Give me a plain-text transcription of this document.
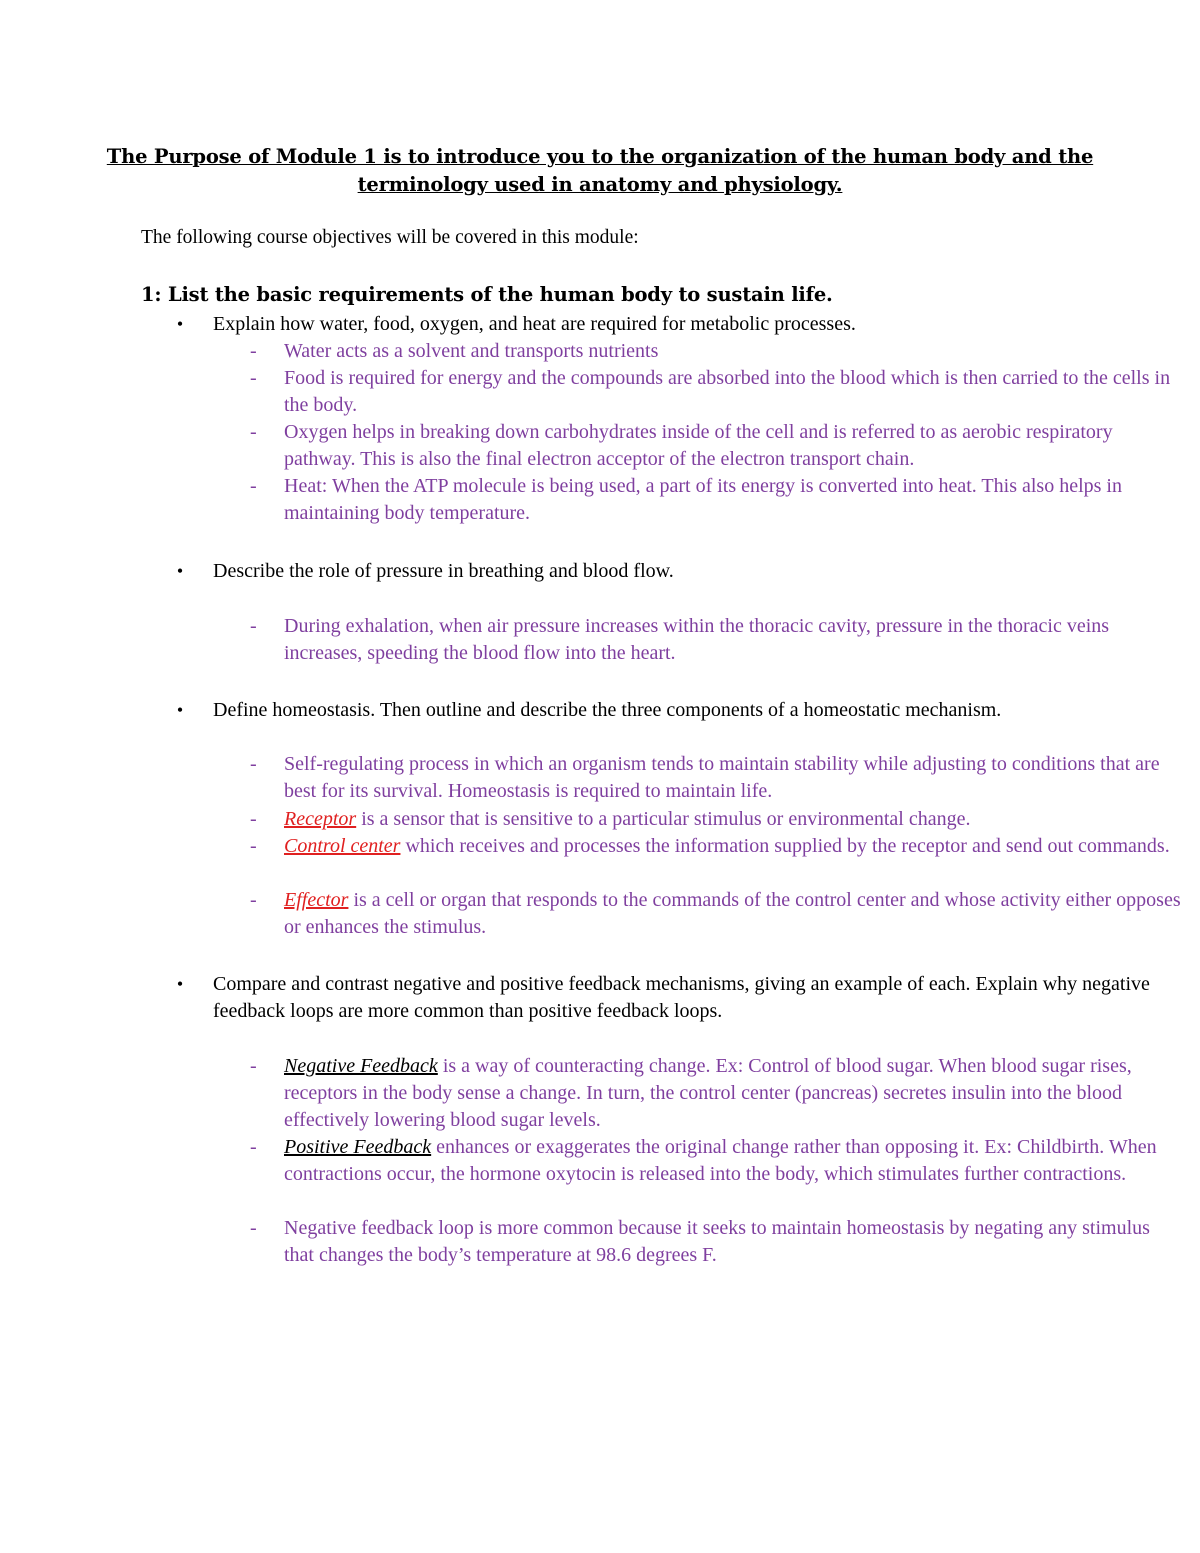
The Purpose of Module 1 is to introduce you to the organization of the human body and the
terminology used in anatomy and physiology.
The following course objectives will be covered in this module:
1: List the basic requirements of the human body to sustain life.
• Explain how water, food, oxygen, and heat are required for metabolic processes.
-	Water acts as a solvent and transports nutrients
-	Food is required for energy and the compounds are absorbed into the blood which is then carried to the cells in the body.
-	Oxygen helps in breaking down carbohydrates inside of the cell and is referred to as aerobic respiratory pathway. This is also the final electron acceptor of the electron transport chain.
-	Heat: When the ATP molecule is being used, a part of its energy is converted into heat. This also helps in maintaining body temperature.
• Describe the role of pressure in breathing and blood flow.
-	During exhalation, when air pressure increases within the thoracic cavity, pressure in the thoracic veins increases, speeding the blood flow into the heart.
• Define homeostasis. Then outline and describe the three components of a homeostatic mechanism.
-	Self-regulating process in which an organism tends to maintain stability while adjusting to conditions that are best for its survival. Homeostasis is required to maintain life.
-	Receptor is a sensor that is sensitive to a particular stimulus or environmental change.
-	Control center which receives and processes the information supplied by the receptor and send out commands.
-	Effector is a cell or organ that responds to the commands of the control center and whose activity either opposes or enhances the stimulus.
• Compare and contrast negative and positive feedback mechanisms, giving an example of each. Explain why negative feedback loops are more common than positive feedback loops.
-	Negative Feedback is a way of counteracting change. Ex: Control of blood sugar. When blood sugar rises, receptors in the body sense a change. In turn, the control center (pancreas) secretes insulin into the blood effectively lowering blood sugar levels.
-	Positive Feedback enhances or exaggerates the original change rather than opposing it. Ex: Childbirth. When contractions occur, the hormone oxytocin is released into the body, which stimulates further contractions.
-	Negative feedback loop is more common because it seeks to maintain homeostasis by negating any stimulus that changes the body’s temperature at 98.6 degrees F.
